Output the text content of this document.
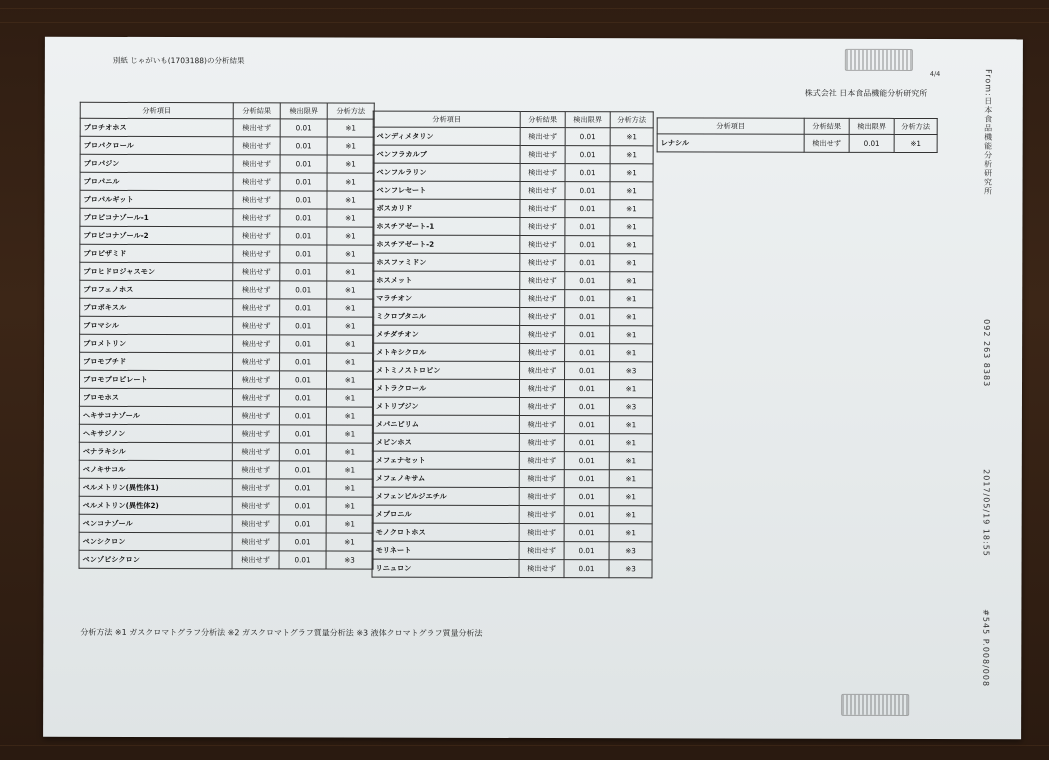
別紙 じゃがいも(1703188)の分析結果
4/4
株式会社 日本食品機能分析研究所
分析項目	分析結果	検出限界	分析方法
プロチオホス	検出せず	0.01	※1
プロパクロール	検出せず	0.01	※1
プロパジン	検出せず	0.01	※1
プロパニル	検出せず	0.01	※1
プロパルギット	検出せず	0.01	※1
プロピコナゾール-1	検出せず	0.01	※1
プロピコナゾール-2	検出せず	0.01	※1
プロピザミド	検出せず	0.01	※1
プロヒドロジャスモン	検出せず	0.01	※1
プロフェノホス	検出せず	0.01	※1
プロポキスル	検出せず	0.01	※1
ブロマシル	検出せず	0.01	※1
プロメトリン	検出せず	0.01	※1
ブロモブチド	検出せず	0.01	※1
ブロモプロピレート	検出せず	0.01	※1
ブロモホス	検出せず	0.01	※1
ヘキサコナゾール	検出せず	0.01	※1
ヘキサジノン	検出せず	0.01	※1
ベナラキシル	検出せず	0.01	※1
ベノキサコル	検出せず	0.01	※1
ペルメトリン(異性体1)	検出せず	0.01	※1
ペルメトリン(異性体2)	検出せず	0.01	※1
ペンコナゾール	検出せず	0.01	※1
ペンシクロン	検出せず	0.01	※1
ベンゾビシクロン	検出せず	0.01	※3
分析項目	分析結果	検出限界	分析方法
ペンディメタリン	検出せず	0.01	※1
ベンフラカルブ	検出せず	0.01	※1
ベンフルラリン	検出せず	0.01	※1
ベンフレセート	検出せず	0.01	※1
ボスカリド	検出せず	0.01	※1
ホスチアゼート-1	検出せず	0.01	※1
ホスチアゼート-2	検出せず	0.01	※1
ホスファミドン	検出せず	0.01	※1
ホスメット	検出せず	0.01	※1
マラチオン	検出せず	0.01	※1
ミクロブタニル	検出せず	0.01	※1
メチダチオン	検出せず	0.01	※1
メトキシクロル	検出せず	0.01	※1
メトミノストロビン	検出せず	0.01	※3
メトラクロール	検出せず	0.01	※1
メトリブジン	検出せず	0.01	※3
メパニピリム	検出せず	0.01	※1
メビンホス	検出せず	0.01	※1
メフェナセット	検出せず	0.01	※1
メフェノキサム	検出せず	0.01	※1
メフェンピルジエチル	検出せず	0.01	※1
メプロニル	検出せず	0.01	※1
モノクロトホス	検出せず	0.01	※1
モリネート	検出せず	0.01	※3
リニュロン	検出せず	0.01	※3
分析項目	分析結果	検出限界	分析方法
レナシル	検出せず	0.01	※1
分析方法 ※1 ガスクロマトグラフ分析法 ※2 ガスクロマトグラフ質量分析法 ※3 液体クロマトグラフ質量分析法
From:日本食品機能分析研究所
092 263 8383
2017/05/19 18:55
#545 P.008/008
